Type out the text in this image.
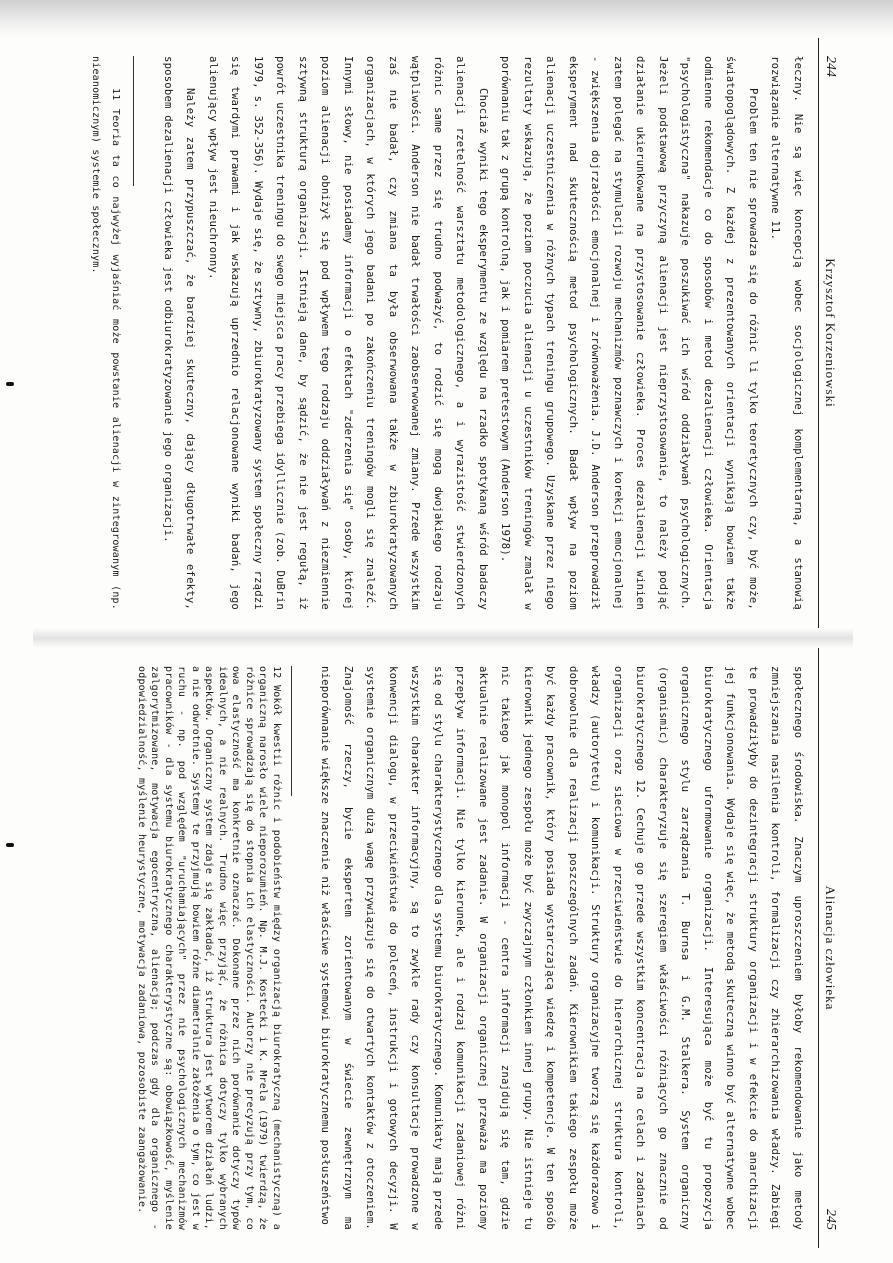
244
Krzysztof Korzeniowski

łeczny. Nie są więc koncepcją wobec socjologicznej komplementarną, a stanowią rozwiązanie alternatywne 11.

Problem ten nie sprowadza się do różnic li tylko teoretycznych czy, być może, światopoglądowych. Z każdej z prezentowanych orientacji wynikają bowiem także odmienne rekomendacje co do sposobów i metod dezalienacji człowieka. Orientacja "psychologistyczna" nakazuje poszukiwać ich wśród oddziaływań psychologicznych. Jeżeli podstawową przyczyną alienacji jest nieprzystosowanie, to należy podjąć działanie ukierunkowane na przystosowanie człowieka. Proces dezalienacji winien zatem polegać na stymulacji rozwoju mechanizmów poznawczych i korekcji emocjonalnej - zwiększenia dojrzałości emocjonalnej i zrównoważenia. J.D. Anderson przeprowadził eksperyment nad skutecznością metod psychologicznych. Badał wpływ na poziom alienacji uczestniczenia w różnych typach treningu grupowego. Uzyskane przez niego rezultaty wskazują, że poziom poczucia alienacji u uczestników treningów zmalał w porównaniu tak z grupą kontrolną, jak i pomiarem pretestowym (Anderson 1978).

Chociaż wyniki tego eksperymentu ze względu na rzadko spotykaną wśród badaczy alienacji rzetelność warsztatu metodologicznego, a i wyrazistość stwierdzonych różnic same przez się trudno podważyć, to rodzić się mogą dwojakiego rodzaju wątpliwości. Anderson nie badał trwałości zaobserwowanej zmiany. Przede wszystkim zaś nie badał, czy zmiana ta była obserwowana także w zbiurokratyzowanych organizacjach, w których jego badani po zakończeniu treningów mogli się znaleźć. Innymi słowy, nie posiadamy informacji o efektach "zderzenia się" osoby, której poziom alienacji obniżył się pod wpływem tego rodzaju oddziaływań z niezmiennie sztywną strukturą organizacji. Istnieją dane, by sądzić, że nie jest regułą, iż powrót uczestnika treningu do swego miejsca pracy przebiega idyllicznie (zob. DuBrin 1979, s. 352-356). Wydaje się, że sztywny, zbiurokratyzowany system społeczny rządzi się twardymi prawami i jak wskazują uprzednio relacjonowane wyniki badań, jego alienujący wpływ jest nieuchronny.

Należy zatem przypuszczać, że bardziej skuteczny, dający długotrwałe efekty, sposobem dezalienacji człowieka jest odbiurokratyzowanie jego organizacji.

11 Teoria ta co najwyżej wyjaśniać może powstanie alienacji w zintegrowanym (np. nieanomicznym) systemie społecznym.

Alienacja człowieka
245

społecznego środowiska. Znaczym uproszczeniem byłoby rekomendowanie jako metody zmniejszania nasilenia kontroli, formalizacji czy zhierarchizowania władzy. Zabiegi te prowadziłyby do dezintegracji struktury organizacji i w efekcie do anarchizacji jej funkcjonowania. Wydaje się więc, że metodą skuteczną winno być alternatywne wobec biurokratycznego uformowanie organizacji. Interesująca może być tu propozycja organicznego stylu zarządzania T. Burnsa i G.M. Stalkera. System organiczny (organismic) charakteryzuje się szeregiem właściwości różniących go znacznie od biurokratycznego 12. Cechuje go przede wszystkim koncentracja na celach i zadaniach organizacji oraz sieciowa w przeciwieństwie do hierarchicznej struktura kontroli, władzy (autorytetu) i komunikacji. Struktury organizacyjne tworzą się każdorazowo i dobrowolnie dla realizacji poszczególnych zadań. Kierownikiem takiego zespołu może być każdy pracownik, który posiada wystarczającą wiedzę i kompetencje. W ten sposób kierownik jednego zespołu może być zwyczajnym członkiem innej grupy. Nie istnieje tu nic takiego jak monopol informacji - centra informacji znajdują się tam, gdzie aktualnie realizowane jest zadanie. W organizacji organicznej przeważa ma poziomy przepływ informacji. Nie tylko kierunek, ale i rodzaj komunikacji zadaniowej różni się od stylu charakterystycznego dla systemu biurokratycznego. Komunikaty mają przede wszystkim charakter informacyjny, są to zwykle rady czy konsultacje prowadzone w konwencji dialogu, w przeciwieństwie do poleceń, instrukcji i gotowych decyzji. W systemie organicznym dużą wagę przywiązuje się do otwartych kontaktów z otoczeniem. Znajomość rzeczy, bycie ekspertem zorientowanym w świecie zewnętrznym ma nieporównanie większe znaczenie niż właściwe systemowi biurokratycznemu posłuszeństwo

12 Wokół kwestii różnic i podobieństw między organizacją biurokratyczną (mechanistyczną) a organiczną narosło wiele nieporozumień. Np. M.J. Kostecki i K. Mrela (1979) twierdzą, że różnice sprowadzają się do stopnia ich elastyczności. Autorzy nie precyzują przy tym, co owa elastyczność ma konkretnie oznaczać. Dokonane przez nich porównanie dotyczy typów idealnych, a nie realnych. Trudno więc przyjąć, że różnica dotyczy tylko wybranych aspektów. Organiczny system zdaje się zakładać, iż struktura jest wytworem działań ludzi, a nie odwrotnie. Systemy te przyjmują bowiem różne diametralnie założenia o tym, co jest w ruchu - np. pod względem "uruchamiających" przez nie psychologicznych mechanizmów pracowników - dla systemu biurokratycznego charakterystyczne są: obowiązkowość, myślenie zalgorytmizowane, motywacja egocentryczna, alienacja; podczas gdy dla organicznego - odpowiedzialność, myślenie heurystyczne, motywacja zadaniowa, pozosobiste zaangażowanie.
